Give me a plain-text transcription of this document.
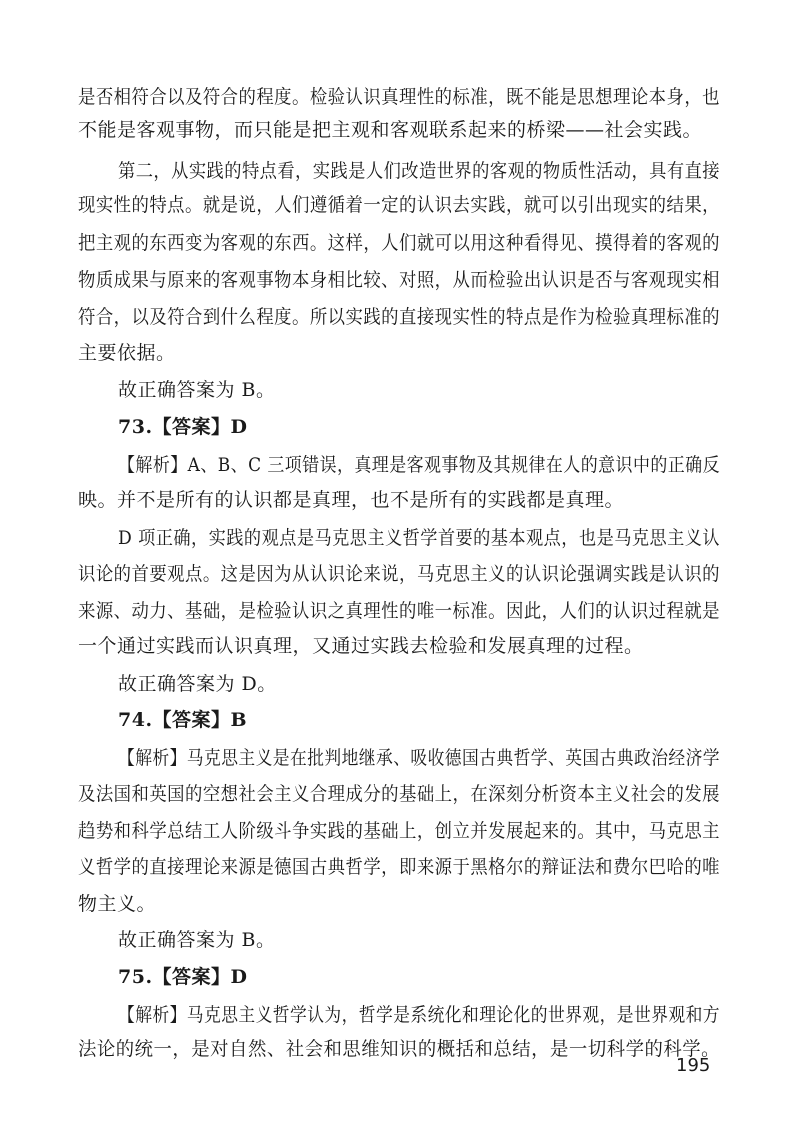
是否相符合以及符合的程度。检验认识真理性的标准，既不能是思想理论本身，也
不能是客观事物，而只能是把主观和客观联系起来的桥梁——社会实践。
第二，从实践的特点看，实践是人们改造世界的客观的物质性活动，具有直接
现实性的特点。就是说，人们遵循着一定的认识去实践，就可以引出现实的结果，
把主观的东西变为客观的东西。这样，人们就可以用这种看得见、摸得着的客观的
物质成果与原来的客观事物本身相比较、对照，从而检验出认识是否与客观现实相
符合，以及符合到什么程度。所以实践的直接现实性的特点是作为检验真理标准的
主要依据。
故正确答案为 B。
73.【答案】D
【解析】A、B、C 三项错误，真理是客观事物及其规律在人的意识中的正确反
映。并不是所有的认识都是真理，也不是所有的实践都是真理。
D 项正确，实践的观点是马克思主义哲学首要的基本观点，也是马克思主义认
识论的首要观点。这是因为从认识论来说，马克思主义的认识论强调实践是认识的
来源、动力、基础，是检验认识之真理性的唯一标准。因此，人们的认识过程就是
一个通过实践而认识真理，又通过实践去检验和发展真理的过程。
故正确答案为 D。
74.【答案】B
【解析】马克思主义是在批判地继承、吸收德国古典哲学、英国古典政治经济学
及法国和英国的空想社会主义合理成分的基础上，在深刻分析资本主义社会的发展
趋势和科学总结工人阶级斗争实践的基础上，创立并发展起来的。其中，马克思主
义哲学的直接理论来源是德国古典哲学，即来源于黑格尔的辩证法和费尔巴哈的唯
物主义。
故正确答案为 B。
75.【答案】D
【解析】马克思主义哲学认为，哲学是系统化和理论化的世界观，是世界观和方
法论的统一，是对自然、社会和思维知识的概括和总结，是一切科学的科学。
195
